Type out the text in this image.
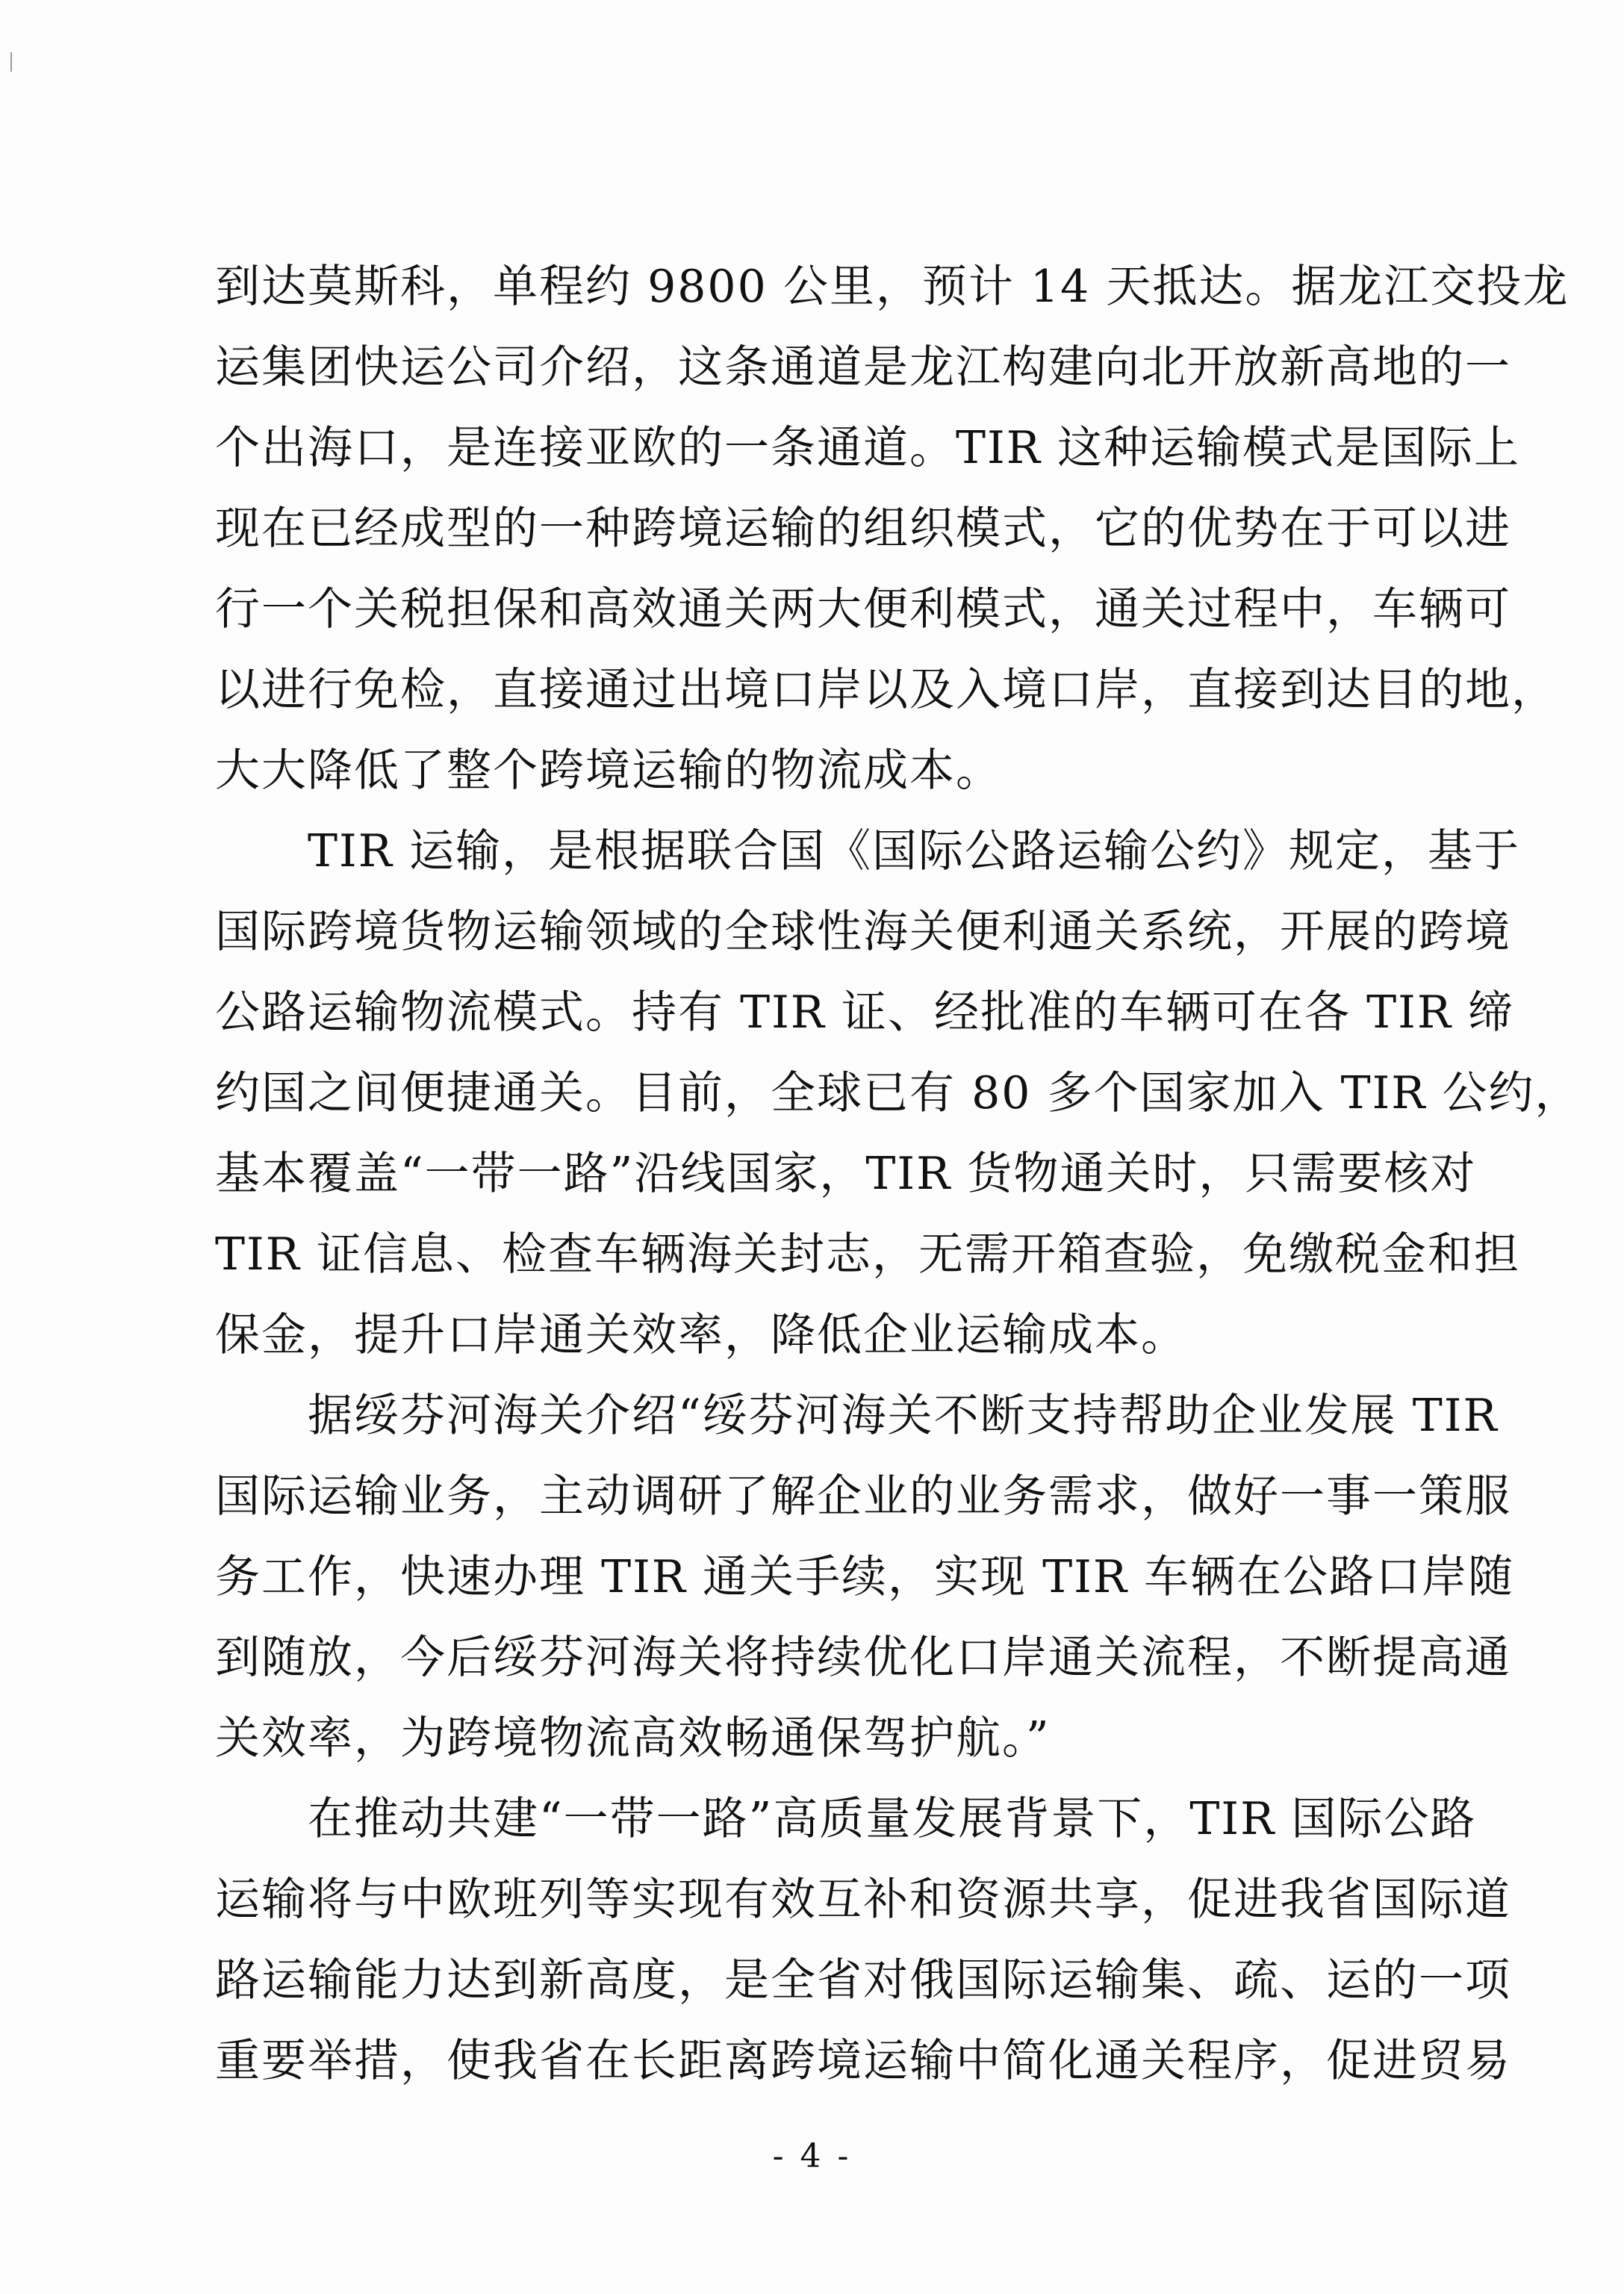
到达莫斯科，单程约 9800 公里，预计 14 天抵达。据龙江交投龙
运集团快运公司介绍，这条通道是龙江构建向北开放新高地的一
个出海口，是连接亚欧的一条通道。TIR 这种运输模式是国际上
现在已经成型的一种跨境运输的组织模式，它的优势在于可以进
行一个关税担保和高效通关两大便利模式，通关过程中，车辆可
以进行免检，直接通过出境口岸以及入境口岸，直接到达目的地，
大大降低了整个跨境运输的物流成本。
　　TIR 运输，是根据联合国《国际公路运输公约》规定，基于
国际跨境货物运输领域的全球性海关便利通关系统，开展的跨境
公路运输物流模式。持有 TIR 证、经批准的车辆可在各 TIR 缔
约国之间便捷通关。目前，全球已有 80 多个国家加入 TIR 公约，
基本覆盖“一带一路”沿线国家，TIR 货物通关时，只需要核对
TIR 证信息、检查车辆海关封志，无需开箱查验，免缴税金和担
保金，提升口岸通关效率，降低企业运输成本。
　　据绥芬河海关介绍“绥芬河海关不断支持帮助企业发展 TIR
国际运输业务，主动调研了解企业的业务需求，做好一事一策服
务工作，快速办理 TIR 通关手续，实现 TIR 车辆在公路口岸随
到随放，今后绥芬河海关将持续优化口岸通关流程，不断提高通
关效率，为跨境物流高效畅通保驾护航。”
　　在推动共建“一带一路”高质量发展背景下，TIR 国际公路
运输将与中欧班列等实现有效互补和资源共享，促进我省国际道
路运输能力达到新高度，是全省对俄国际运输集、疏、运的一项
重要举措，使我省在长距离跨境运输中简化通关程序，促进贸易
- 4 -
